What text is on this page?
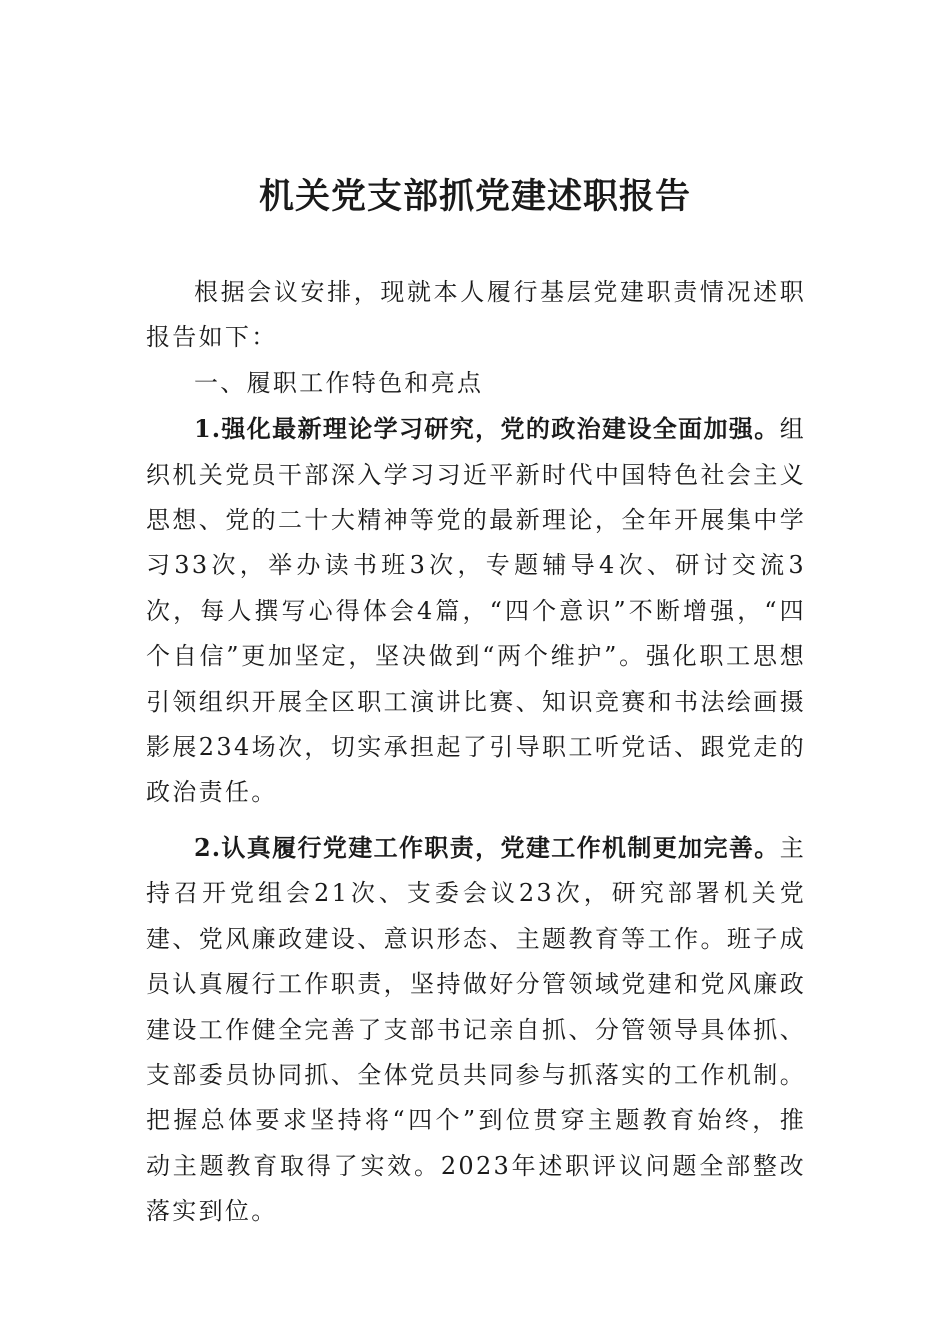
机关党支部抓党建述职报告

根据会议安排，现就本人履行基层党建职责情况述职报告如下：

一、履职工作特色和亮点

1.强化最新理论学习研究，党的政治建设全面加强。组织机关党员干部深入学习习近平新时代中国特色社会主义思想、党的二十大精神等党的最新理论，全年开展集中学习33次，举办读书班3次，专题辅导4次、研讨交流3次，每人撰写心得体会4篇，“四个意识”不断增强，“四个自信”更加坚定，坚决做到“两个维护”。强化职工思想引领组织开展全区职工演讲比赛、知识竞赛和书法绘画摄影展234场次，切实承担起了引导职工听党话、跟党走的政治责任。

2.认真履行党建工作职责，党建工作机制更加完善。主持召开党组会21次、支委会议23次，研究部署机关党建、党风廉政建设、意识形态、主题教育等工作。班子成员认真履行工作职责，坚持做好分管领域党建和党风廉政建设工作健全完善了支部书记亲自抓、分管领导具体抓、支部委员协同抓、全体党员共同参与抓落实的工作机制。把握总体要求坚持将“四个”到位贯穿主题教育始终，推动主题教育取得了实效。2023年述职评议问题全部整改落实到位。
